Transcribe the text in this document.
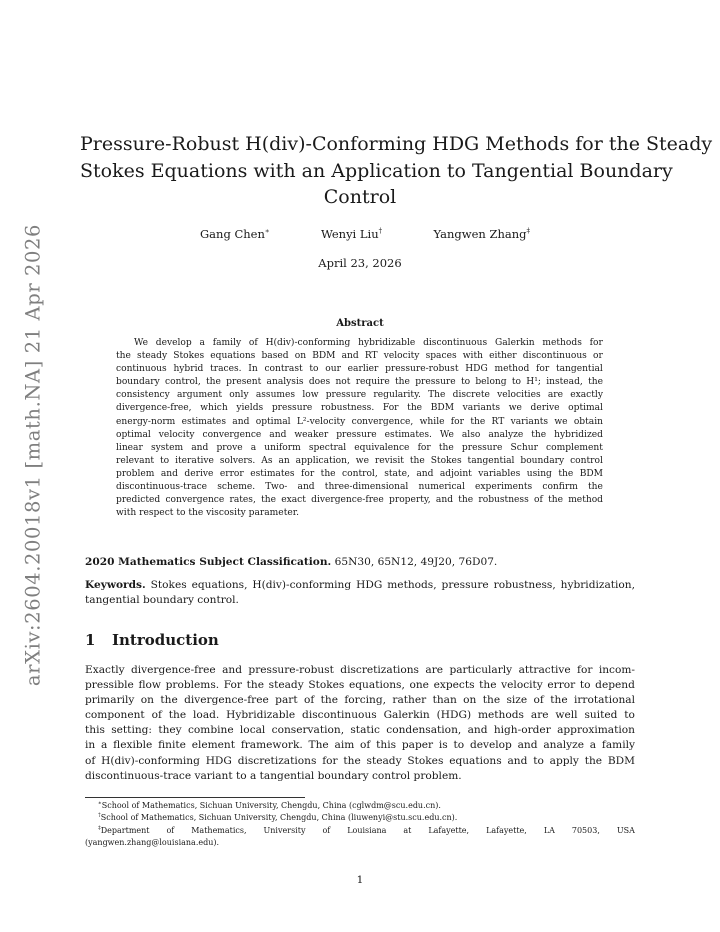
arXiv:2604.20018v1 [math.NA] 21 Apr 2026
Pressure-Robust H(div)-Conforming HDG Methods for the Steady
Stokes Equations with an Application to Tangential Boundary
Control
Gang Chen∗	Wenyi Liu†	Yangwen Zhang‡
April 23, 2026
Abstract
We develop a family of H(div)-conforming hybridizable discontinuous Galerkin methods for
the steady Stokes equations based on BDM and RT velocity spaces with either discontinuous or
continuous hybrid traces. In contrast to our earlier pressure-robust HDG method for tangential
boundary control, the present analysis does not require the pressure to belong to H¹; instead, the
consistency argument only assumes low pressure regularity. The discrete velocities are exactly
divergence-free, which yields pressure robustness. For the BDM variants we derive optimal
energy-norm estimates and optimal L²-velocity convergence, while for the RT variants we obtain
optimal velocity convergence and weaker pressure estimates. We also analyze the hybridized
linear system and prove a uniform spectral equivalence for the pressure Schur complement
relevant to iterative solvers. As an application, we revisit the Stokes tangential boundary control
problem and derive error estimates for the control, state, and adjoint variables using the BDM
discontinuous-trace scheme. Two- and three-dimensional numerical experiments confirm the
predicted convergence rates, the exact divergence-free property, and the robustness of the method
with respect to the viscosity parameter.
2020 Mathematics Subject Classification. 65N30, 65N12, 49J20, 76D07.
Keywords. Stokes equations, H(div)-conforming HDG methods, pressure robustness, hybridization,
tangential boundary control.
1 Introduction
Exactly divergence-free and pressure-robust discretizations are particularly attractive for incom-
pressible flow problems. For the steady Stokes equations, one expects the velocity error to depend
primarily on the divergence-free part of the forcing, rather than on the size of the irrotational
component of the load. Hybridizable discontinuous Galerkin (HDG) methods are well suited to
this setting: they combine local conservation, static condensation, and high-order approximation
in a flexible finite element framework. The aim of this paper is to develop and analyze a family
of H(div)-conforming HDG discretizations for the steady Stokes equations and to apply the BDM
discontinuous-trace variant to a tangential boundary control problem.
∗School of Mathematics, Sichuan University, Chengdu, China (cglwdm@scu.edu.cn).
†School of Mathematics, Sichuan University, Chengdu, China (liuwenyi@stu.scu.edu.cn).
‡Department of Mathematics, University of Louisiana at Lafayette, Lafayette, LA 70503, USA
(yangwen.zhang@louisiana.edu).
1
